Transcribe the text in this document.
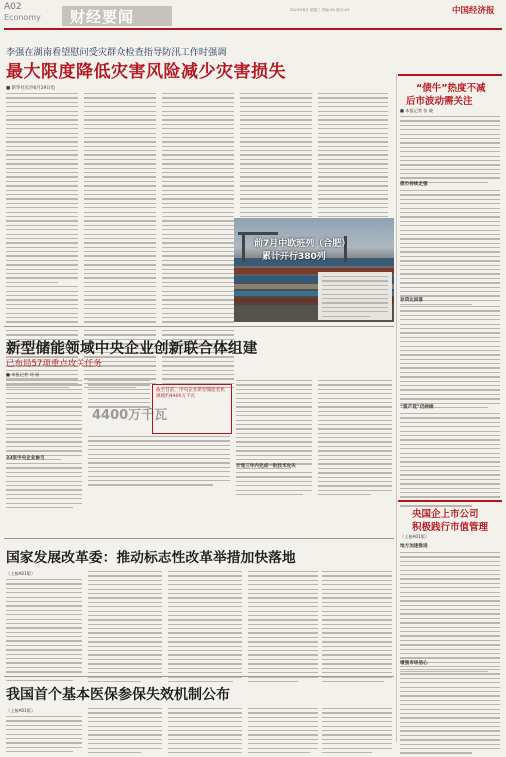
A02
Economy 财经要闻	2024年6月 星期三 责编:XX 版式:XX	中国经济报
李强在湖南看望慰问受灾群众检查指导防汛工作时强调
最大限度降低灾害风险减少灾害损失
■ 新华社长沙6月19日电
前7月中欧班列（合肥）
累计开行380列
“债牛”热度不减
后市波动需关注
■ 本报记者 张 晓
债市持续走强
存贷比回落
“资产荒”仍持续
新型储能领域中央企业创新联合体组建
已布局57项重点攻关任务
■ 本报记者 刘 丽
33家中央企业参与
4400万千瓦
截至目前，中央企业新型储能装机规模约4400万千瓦
计划三年内完成一批技术攻关
央国企上市公司
积极践行市值管理
（上接A01版）
地方加速推进
增强市场信心
国家发展改革委：推动标志性改革举措加快落地
（上接A01版）
我国首个基本医保参保失效机制公布
（上接A01版）
